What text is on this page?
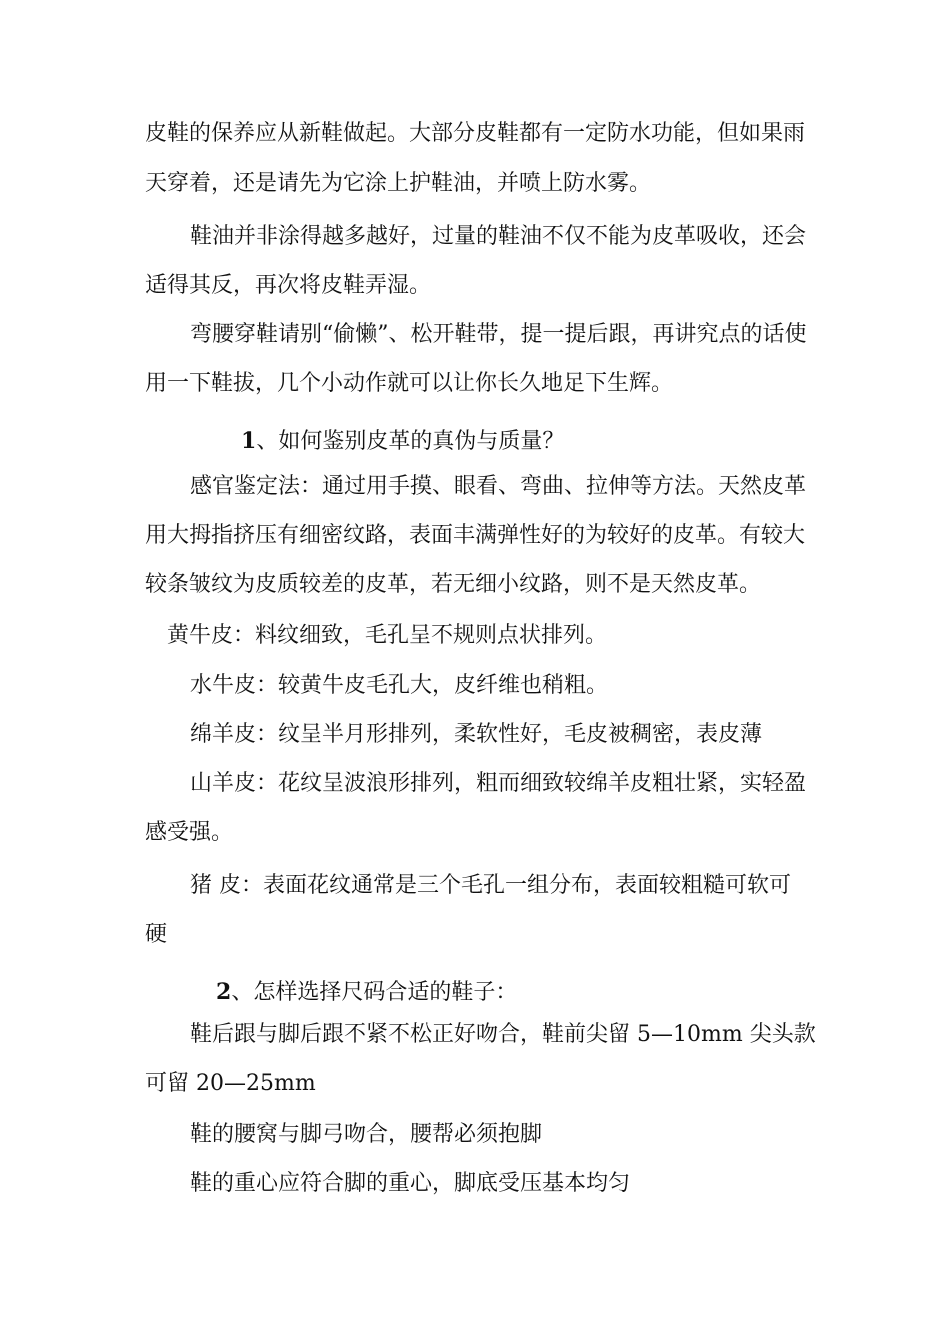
皮鞋的保养应从新鞋做起。大部分皮鞋都有一定防水功能，但如果雨
天穿着，还是请先为它涂上护鞋油，并喷上防水雾。
鞋油并非涂得越多越好，过量的鞋油不仅不能为皮革吸收，还会
适得其反，再次将皮鞋弄湿。
弯腰穿鞋请别“偷懒”、松开鞋带，提一提后跟，再讲究点的话使
用一下鞋拔，几个小动作就可以让你长久地足下生辉。
1、如何鉴别皮革的真伪与质量？
感官鉴定法：通过用手摸、眼看、弯曲、拉伸等方法。天然皮革
用大拇指挤压有细密纹路，表面丰满弹性好的为较好的皮革。有较大
较条皱纹为皮质较差的皮革，若无细小纹路，则不是天然皮革。
黄牛皮：料纹细致，毛孔呈不规则点状排列。
水牛皮：较黄牛皮毛孔大，皮纤维也稍粗。
绵羊皮：纹呈半月形排列，柔软性好，毛皮被稠密，表皮薄
山羊皮：花纹呈波浪形排列，粗而细致较绵羊皮粗壮紧，实轻盈
感受强。
猪 皮：表面花纹通常是三个毛孔一组分布，表面较粗糙可软可
硬
2、怎样选择尺码合适的鞋子：
鞋后跟与脚后跟不紧不松正好吻合，鞋前尖留 5—10mm 尖头款
可留 20—25mm
鞋的腰窝与脚弓吻合，腰帮必须抱脚
鞋的重心应符合脚的重心，脚底受压基本均匀
